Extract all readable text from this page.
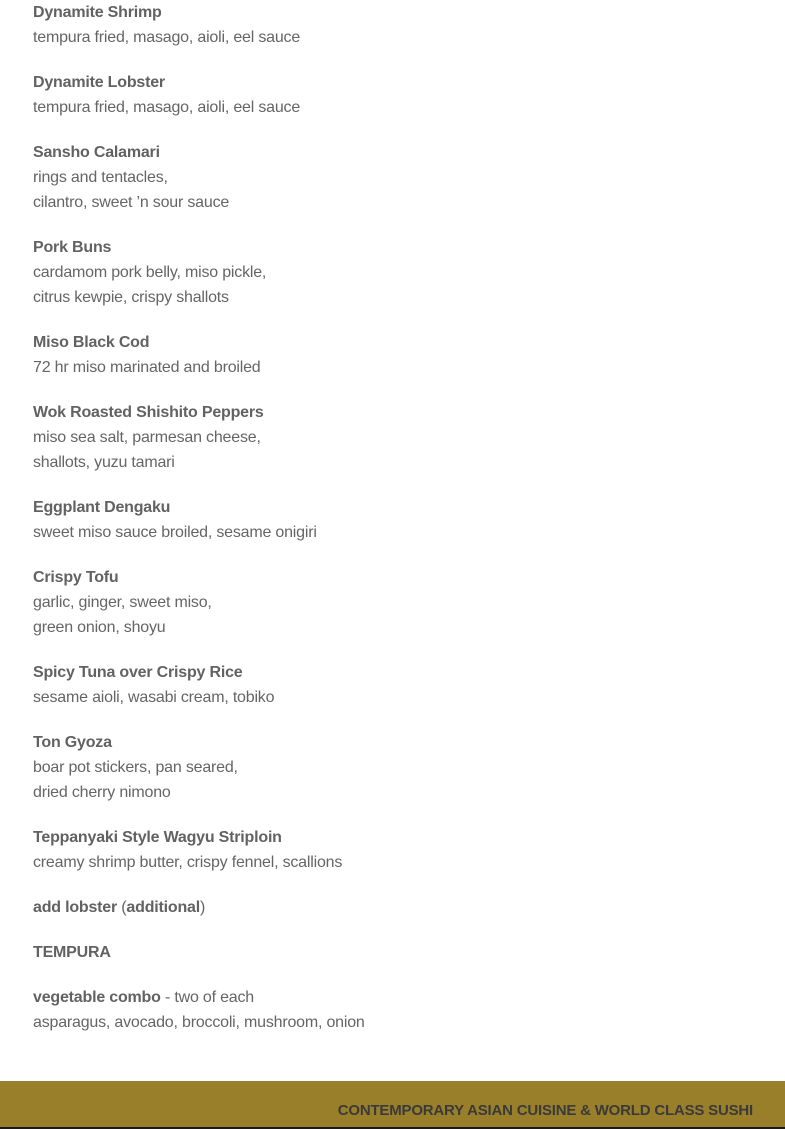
Dynamite Shrimp
tempura fried, masago, aioli, eel sauce
Dynamite Lobster
tempura fried, masago, aioli, eel sauce
Sansho Calamari
rings and tentacles,
cilantro, sweet ’n sour sauce
Pork Buns
cardamom pork belly, miso pickle,
citrus kewpie, crispy shallots
Miso Black Cod
72 hr miso marinated and broiled
Wok Roasted Shishito Peppers
miso sea salt, parmesan cheese,
shallots, yuzu tamari
Eggplant Dengaku
sweet miso sauce broiled, sesame onigiri
Crispy Tofu
garlic, ginger, sweet miso,
green onion, shoyu
Spicy Tuna over Crispy Rice
sesame aioli, wasabi cream, tobiko
Ton Gyoza
boar pot stickers, pan seared,
dried cherry nimono
Teppanyaki Style Wagyu Striploin
creamy shrimp butter, crispy fennel, scallions
add lobster (additional)
TEMPURA
vegetable combo - two of each
asparagus, avocado, broccoli, mushroom, onion
CONTEMPORARY ASIAN CUISINE & WORLD CLASS SUSHI
